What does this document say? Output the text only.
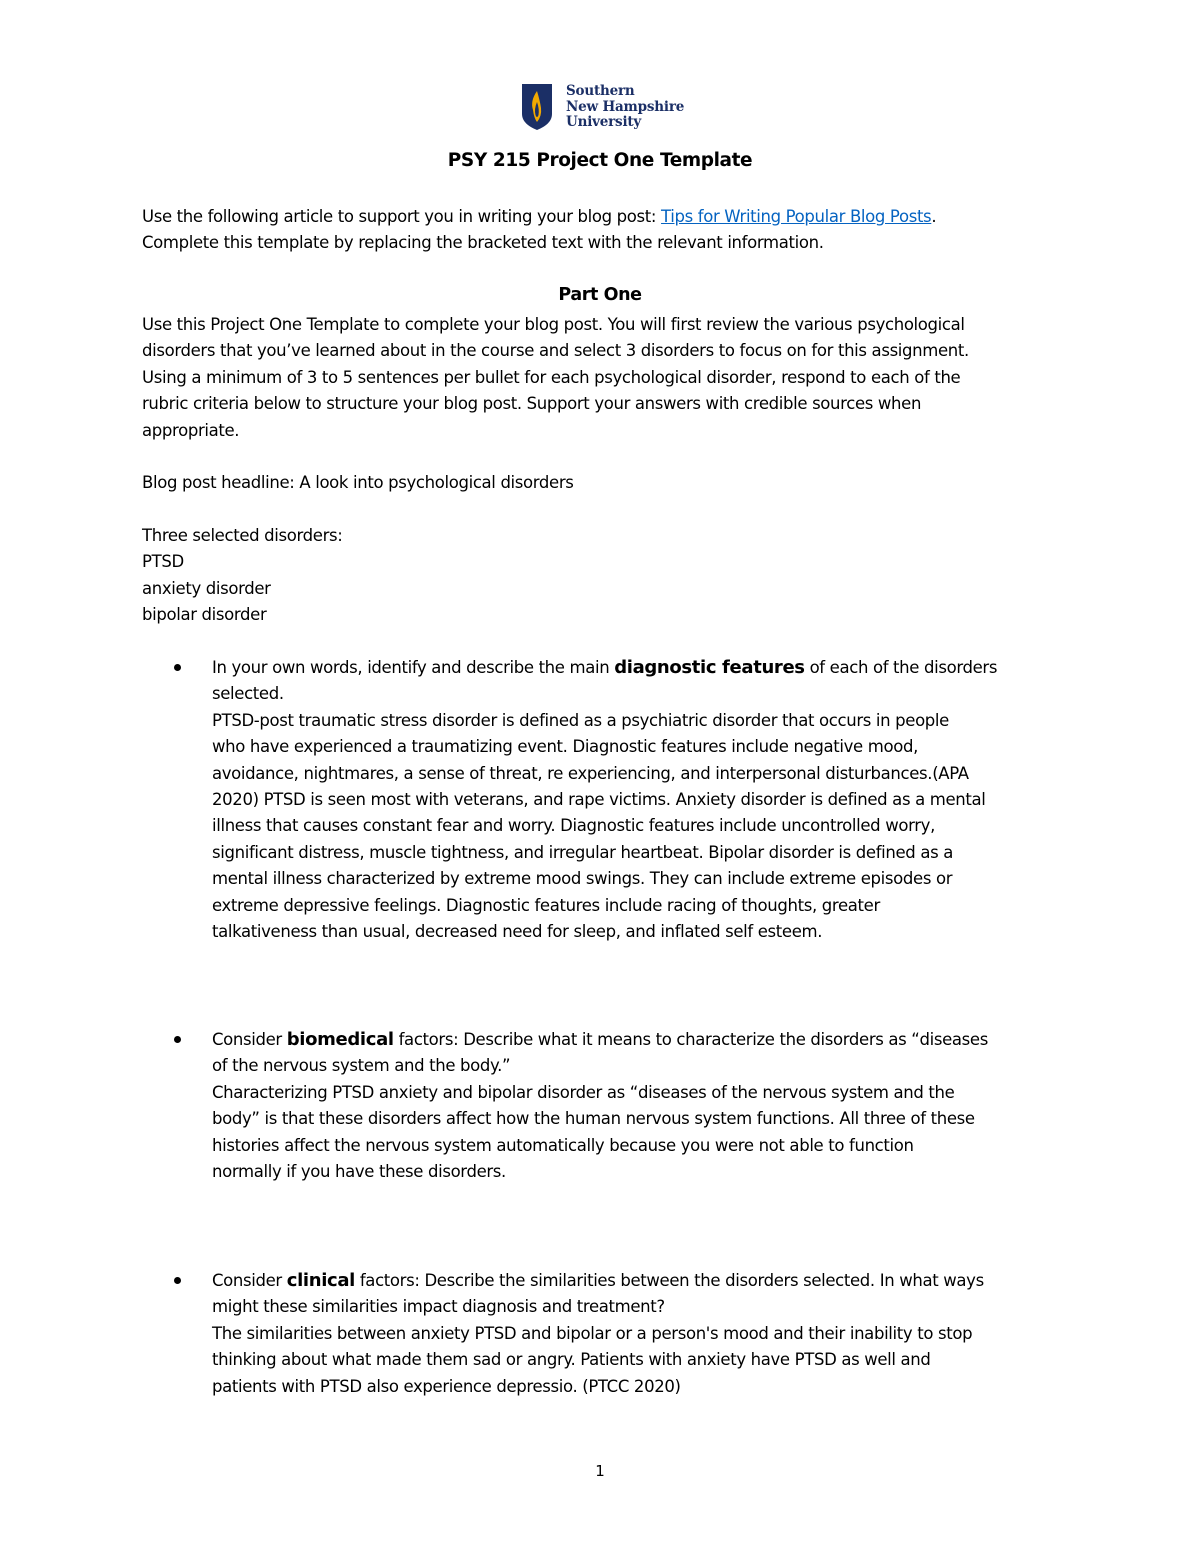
Southern
New Hampshire
University
PSY 215 Project One Template
Use the following article to support you in writing your blog post: Tips for Writing Popular Blog Posts.
Complete this template by replacing the bracketed text with the relevant information.
Part One
Use this Project One Template to complete your blog post. You will first review the various psychological
disorders that you’ve learned about in the course and select 3 disorders to focus on for this assignment.
Using a minimum of 3 to 5 sentences per bullet for each psychological disorder, respond to each of the
rubric criteria below to structure your blog post. Support your answers with credible sources when
appropriate.
Blog post headline: A look into psychological disorders
Three selected disorders:
PTSD
anxiety disorder
bipolar disorder
In your own words, identify and describe the main diagnostic features of each of the disorders
selected.
PTSD-post traumatic stress disorder is defined as a psychiatric disorder that occurs in people
who have experienced a traumatizing event. Diagnostic features include negative mood,
avoidance, nightmares, a sense of threat, re experiencing, and interpersonal disturbances.(APA
2020) PTSD is seen most with veterans, and rape victims. Anxiety disorder is defined as a mental
illness that causes constant fear and worry. Diagnostic features include uncontrolled worry,
significant distress, muscle tightness, and irregular heartbeat. Bipolar disorder is defined as a
mental illness characterized by extreme mood swings. They can include extreme episodes or
extreme depressive feelings. Diagnostic features include racing of thoughts, greater
talkativeness than usual, decreased need for sleep, and inflated self esteem.
Consider biomedical factors: Describe what it means to characterize the disorders as “diseases
of the nervous system and the body.”
Characterizing PTSD anxiety and bipolar disorder as “diseases of the nervous system and the
body” is that these disorders affect how the human nervous system functions. All three of these
histories affect the nervous system automatically because you were not able to function
normally if you have these disorders.
Consider clinical factors: Describe the similarities between the disorders selected. In what ways
might these similarities impact diagnosis and treatment?
The similarities between anxiety PTSD and bipolar or a person's mood and their inability to stop
thinking about what made them sad or angry. Patients with anxiety have PTSD as well and
patients with PTSD also experience depressio. (PTCC 2020)
1
